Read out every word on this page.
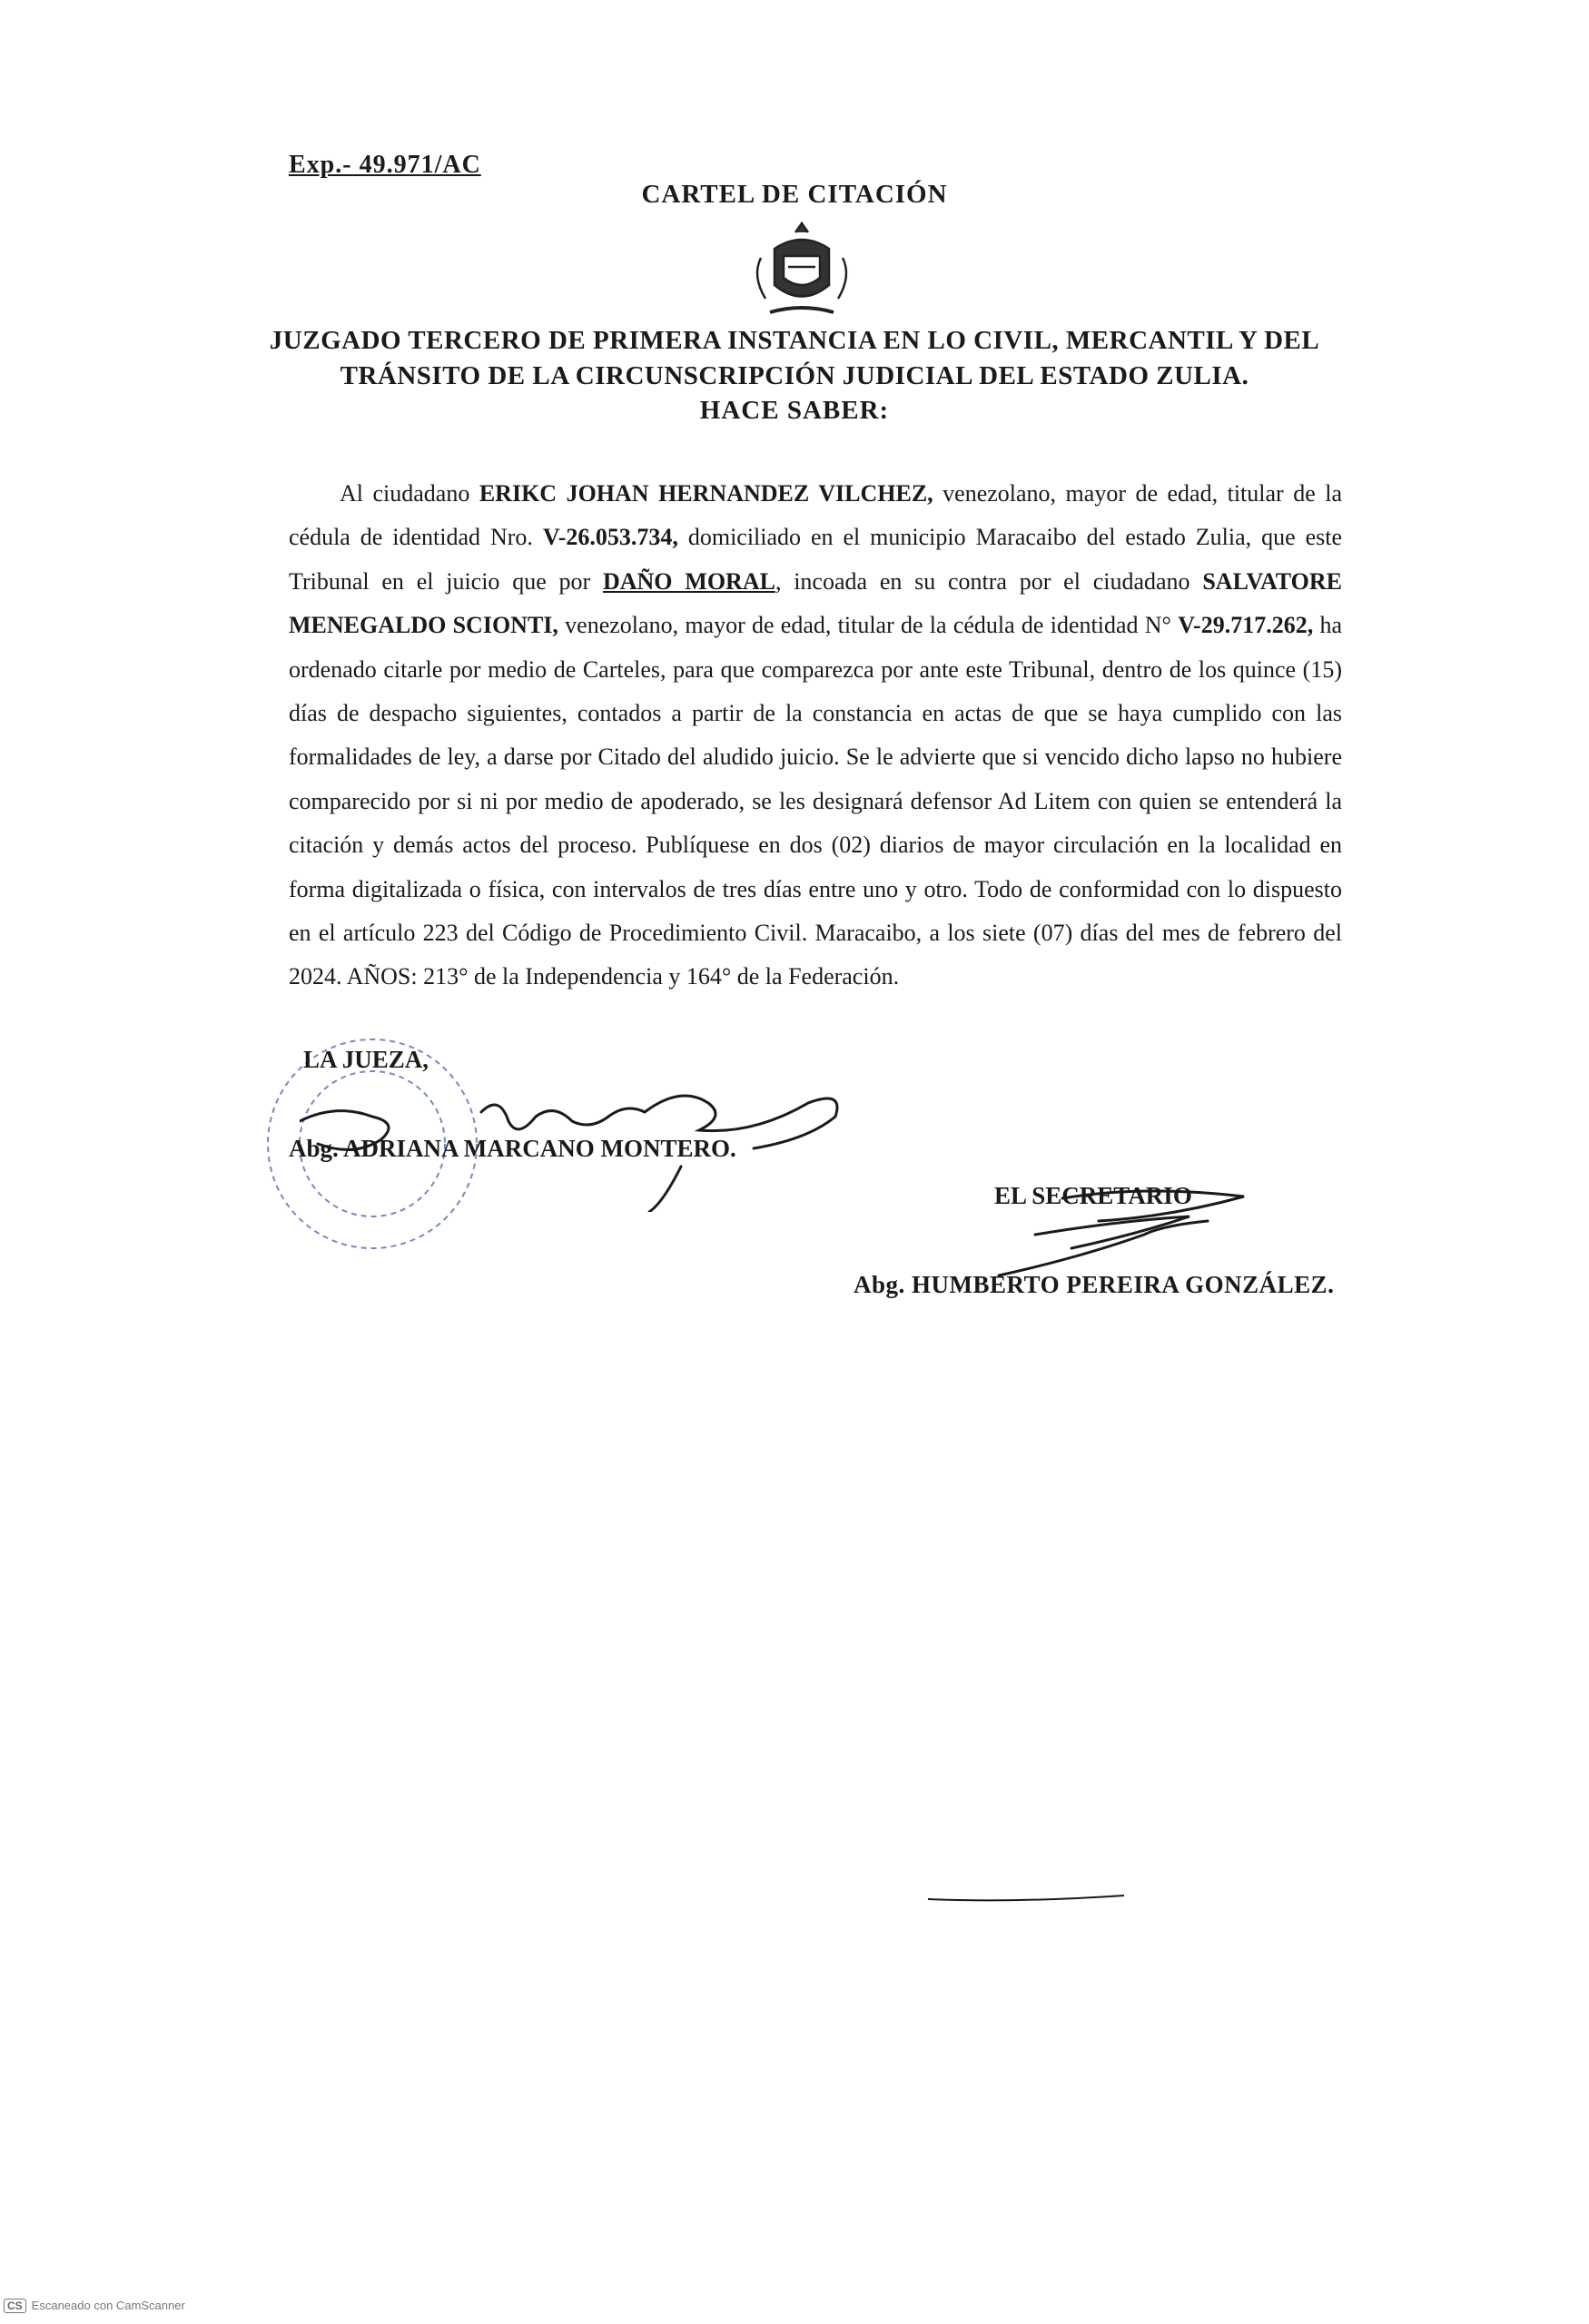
Exp.- 49.971/AC
CARTEL DE CITACIÓN
JUZGADO TERCERO DE PRIMERA INSTANCIA EN LO CIVIL, MERCANTIL Y DEL
TRÁNSITO DE LA CIRCUNSCRIPCIÓN JUDICIAL DEL ESTADO ZULIA.
HACE SABER:
Al ciudadano ERIKC JOHAN HERNANDEZ VILCHEZ, venezolano, mayor de edad, titular de la cédula de identidad Nro. V-26.053.734, domiciliado en el municipio Maracaibo del estado Zulia, que este Tribunal en el juicio que por DAÑO MORAL, incoada en su contra por el ciudadano SALVATORE MENEGALDO SCIONTI, venezolano, mayor de edad, titular de la cédula de identidad N° V-29.717.262, ha ordenado citarle por medio de Carteles, para que comparezca por ante este Tribunal, dentro de los quince (15) días de despacho siguientes, contados a partir de la constancia en actas de que se haya cumplido con las formalidades de ley, a darse por Citado del aludido juicio. Se le advierte que si vencido dicho lapso no hubiere comparecido por si ni por medio de apoderado, se les designará defensor Ad Litem con quien se entenderá la citación y demás actos del proceso. Publíquese en dos (02) diarios de mayor circulación en la localidad en forma digitalizada o física, con intervalos de tres días entre uno y otro. Todo de conformidad con lo dispuesto en el artículo 223 del Código de Procedimiento Civil. Maracaibo, a los siete (07) días del mes de febrero del 2024. AÑOS: 213° de la Independencia y 164° de la Federación.
LA JUEZA,
Abg. ADRIANA MARCANO MONTERO.
EL SECRETARIO
Abg. HUMBERTO PEREIRA GONZÁLEZ.
CS Escaneado con CamScanner
